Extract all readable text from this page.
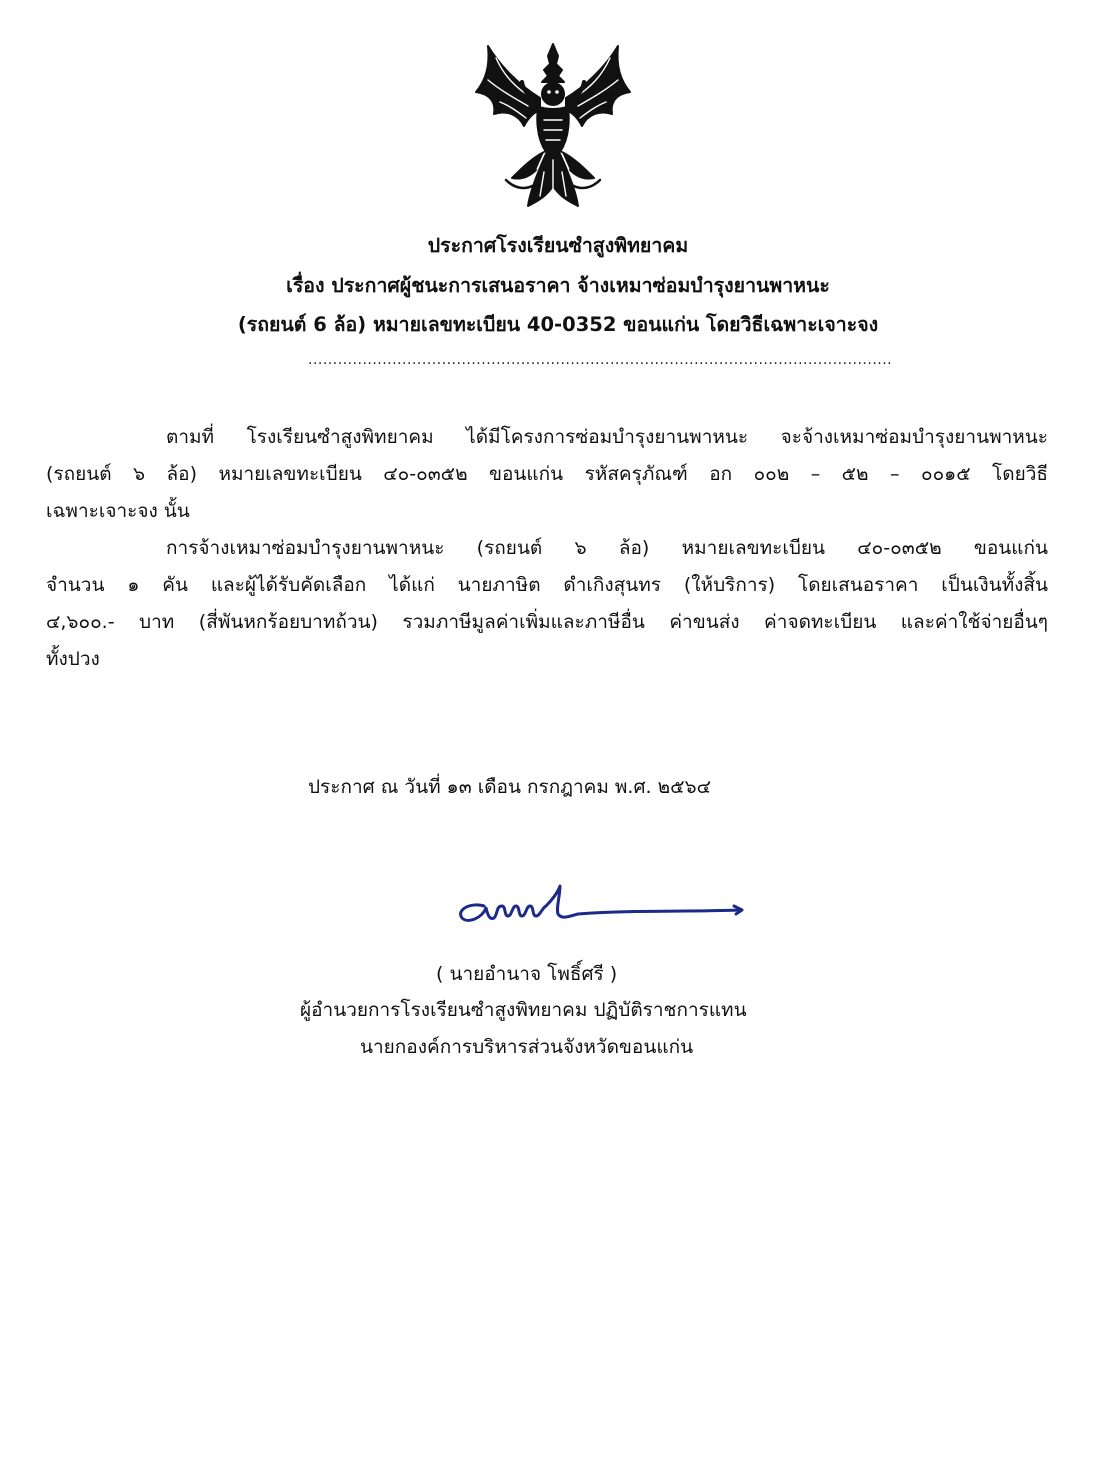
ประกาศโรงเรียนซำสูงพิทยาคม
เรื่อง ประกาศผู้ชนะการเสนอราคา จ้างเหมาซ่อมบำรุงยานพาหนะ
(รถยนต์ 6 ล้อ) หมายเลขทะเบียน 40-0352 ขอนแก่น โดยวิธีเฉพาะเจาะจง
......................................................................................................................
ตามที่ โรงเรียนซำสูงพิทยาคม ได้มีโครงการซ่อมบำรุงยานพาหนะ จะจ้างเหมาซ่อมบำรุงยานพาหนะ
(รถยนต์ ๖ ล้อ) หมายเลขทะเบียน ๔๐-๐๓๕๒ ขอนแก่น รหัสครุภัณฑ์ อก ๐๐๒ – ๕๒ – ๐๐๑๕ โดยวิธี
เฉพาะเจาะจง นั้น
การจ้างเหมาซ่อมบำรุงยานพาหนะ (รถยนต์ ๖ ล้อ) หมายเลขทะเบียน ๔๐-๐๓๕๒ ขอนแก่น
จำนวน ๑ คัน และผู้ได้รับคัดเลือก ได้แก่ นายภาษิต ดำเกิงสุนทร (ให้บริการ) โดยเสนอราคา เป็นเงินทั้งสิ้น
๔,๖๐๐.- บาท (สี่พันหกร้อยบาทถ้วน) รวมภาษีมูลค่าเพิ่มและภาษีอื่น ค่าขนส่ง ค่าจดทะเบียน และค่าใช้จ่ายอื่นๆ
ทั้งปวง
ประกาศ ณ วันที่ ๑๓ เดือน กรกฎาคม พ.ศ. ๒๕๖๔
( นายอำนาจ โพธิ์ศรี )
ผู้อำนวยการโรงเรียนซำสูงพิทยาคม ปฏิบัติราชการแทน
นายกองค์การบริหารส่วนจังหวัดขอนแก่น
